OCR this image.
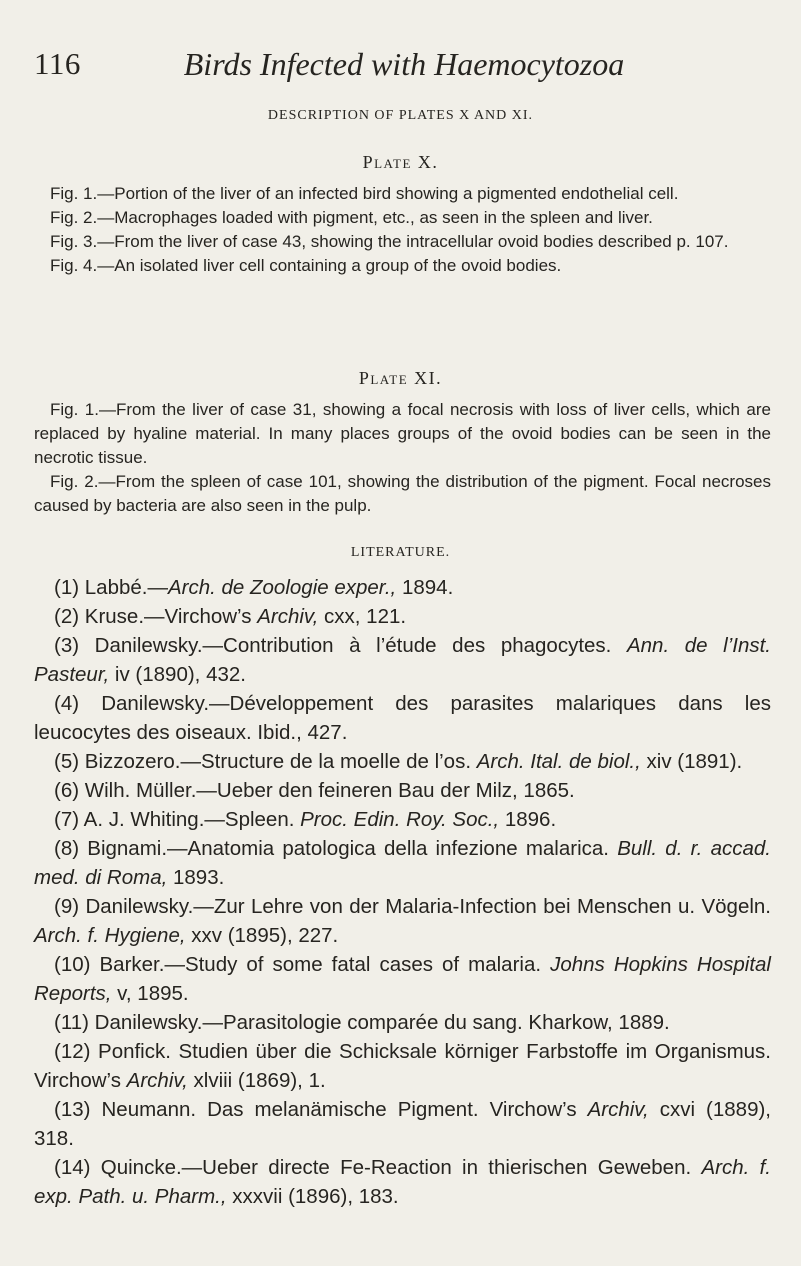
116	Birds Infected with Haemocytozoa
DESCRIPTION OF PLATES X AND XI.
Plate X.

Fig. 1.—Portion of the liver of an infected bird showing a pigmented endothelial cell.

Fig. 2.—Macrophages loaded with pigment, etc., as seen in the spleen and liver.

Fig. 3.—From the liver of case 43, showing the intracellular ovoid bodies described p. 107.

Fig. 4.—An isolated liver cell containing a group of the ovoid bodies.

Plate XI.

Fig. 1.—From the liver of case 31, showing a focal necrosis with loss of liver cells, which are replaced by hyaline material. In many places groups of the ovoid bodies can be seen in the necrotic tissue.

Fig. 2.—From the spleen of case 101, showing the distribution of the pigment. Focal necroses caused by bacteria are also seen in the pulp.

LITERATURE.

(1) Labbé.—Arch. de Zoologie exper., 1894.

(2) Kruse.—Virchow’s Archiv, cxx, 121.

(3) Danilewsky.—Contribution à l’étude des phagocytes. Ann. de l’Inst. Pasteur, iv (1890), 432.

(4) Danilewsky.—Développement des parasites malariques dans les leucocytes des oiseaux. Ibid., 427.

(5) Bizzozero.—Structure de la moelle de l’os. Arch. Ital. de biol., xiv (1891).

(6) Wilh. Müller.—Ueber den feineren Bau der Milz, 1865.

(7) A. J. Whiting.—Spleen. Proc. Edin. Roy. Soc., 1896.

(8) Bignami.—Anatomia patologica della infezione malarica. Bull. d. r. accad. med. di Roma, 1893.

(9) Danilewsky.—Zur Lehre von der Malaria-Infection bei Menschen u. Vögeln. Arch. f. Hygiene, xxv (1895), 227.

(10) Barker.—Study of some fatal cases of malaria. Johns Hopkins Hospital Reports, v, 1895.

(11) Danilewsky.—Parasitologie comparée du sang. Kharkow, 1889.

(12) Ponfick. Studien über die Schicksale körniger Farbstoffe im Organismus. Virchow’s Archiv, xlviii (1869), 1.

(13) Neumann. Das melanämische Pigment. Virchow’s Archiv, cxvi (1889), 318.

(14) Quincke.—Ueber directe Fe-Reaction in thierischen Geweben. Arch. f. exp. Path. u. Pharm., xxxvii (1896), 183.
